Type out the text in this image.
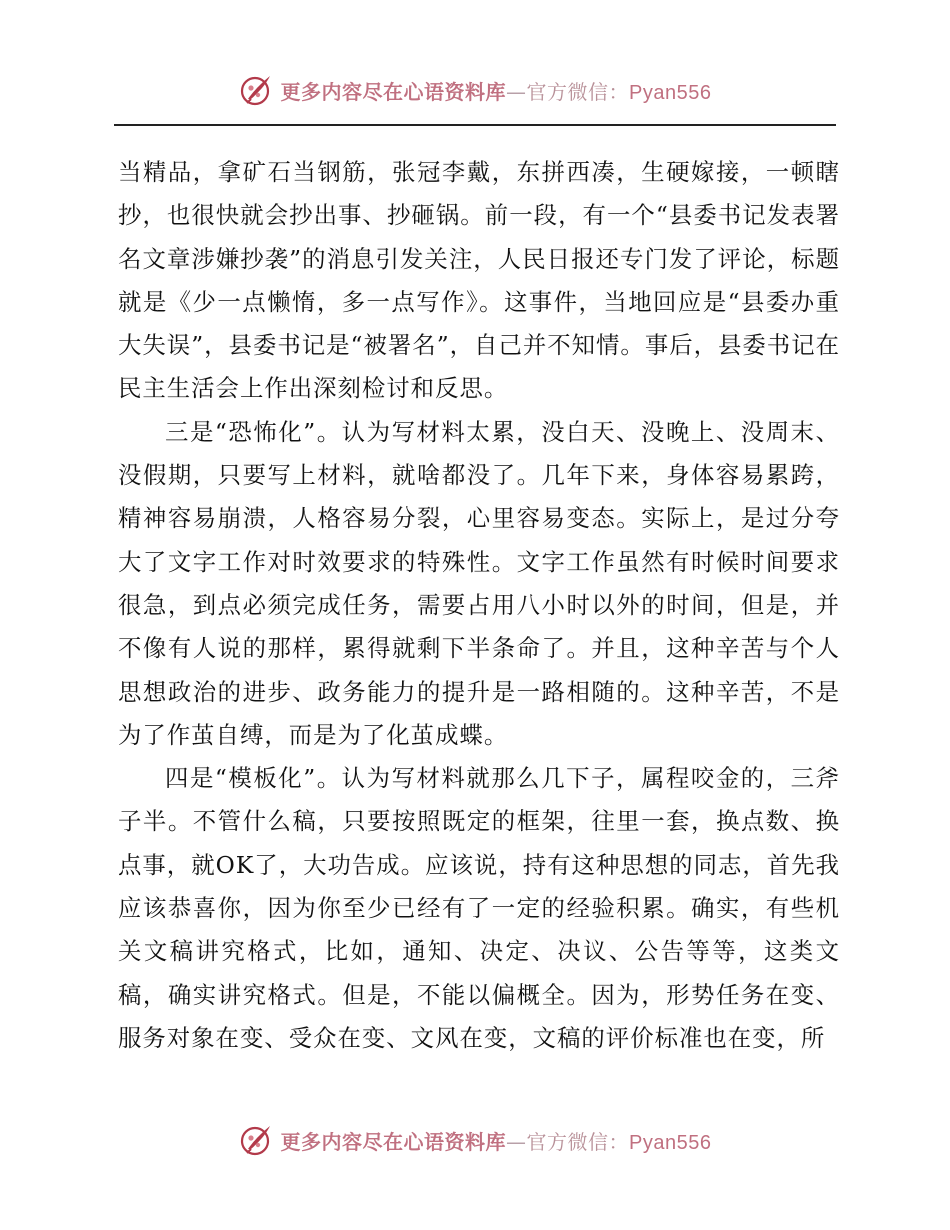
更多内容尽在心语资料库—官方微信：Pyan556

当精品，拿矿石当钢筋，张冠李戴，东拼西凑，生硬嫁接，一顿瞎抄，也很快就会抄出事、抄砸锅。前一段，有一个“县委书记发表署名文章涉嫌抄袭”的消息引发关注，人民日报还专门发了评论，标题就是《少一点懒惰，多一点写作》。这事件，当地回应是“县委办重大失误”，县委书记是“被署名”，自己并不知情。事后，县委书记在民主生活会上作出深刻检讨和反思。

三是“恐怖化”。认为写材料太累，没白天、没晚上、没周末、没假期，只要写上材料，就啥都没了。几年下来，身体容易累跨，精神容易崩溃，人格容易分裂，心里容易变态。实际上，是过分夸大了文字工作对时效要求的特殊性。文字工作虽然有时候时间要求很急，到点必须完成任务，需要占用八小时以外的时间，但是，并不像有人说的那样，累得就剩下半条命了。并且，这种辛苦与个人思想政治的进步、政务能力的提升是一路相随的。这种辛苦，不是为了作茧自缚，而是为了化茧成蝶。

四是“模板化”。认为写材料就那么几下子，属程咬金的，三斧子半。不管什么稿，只要按照既定的框架，往里一套，换点数、换点事，就OK了，大功告成。应该说，持有这种思想的同志，首先我应该恭喜你，因为你至少已经有了一定的经验积累。确实，有些机关文稿讲究格式，比如，通知、决定、决议、公告等等，这类文稿，确实讲究格式。但是，不能以偏概全。因为，形势任务在变、服务对象在变、受众在变、文风在变，文稿的评价标准也在变，所

更多内容尽在心语资料库—官方微信：Pyan556
